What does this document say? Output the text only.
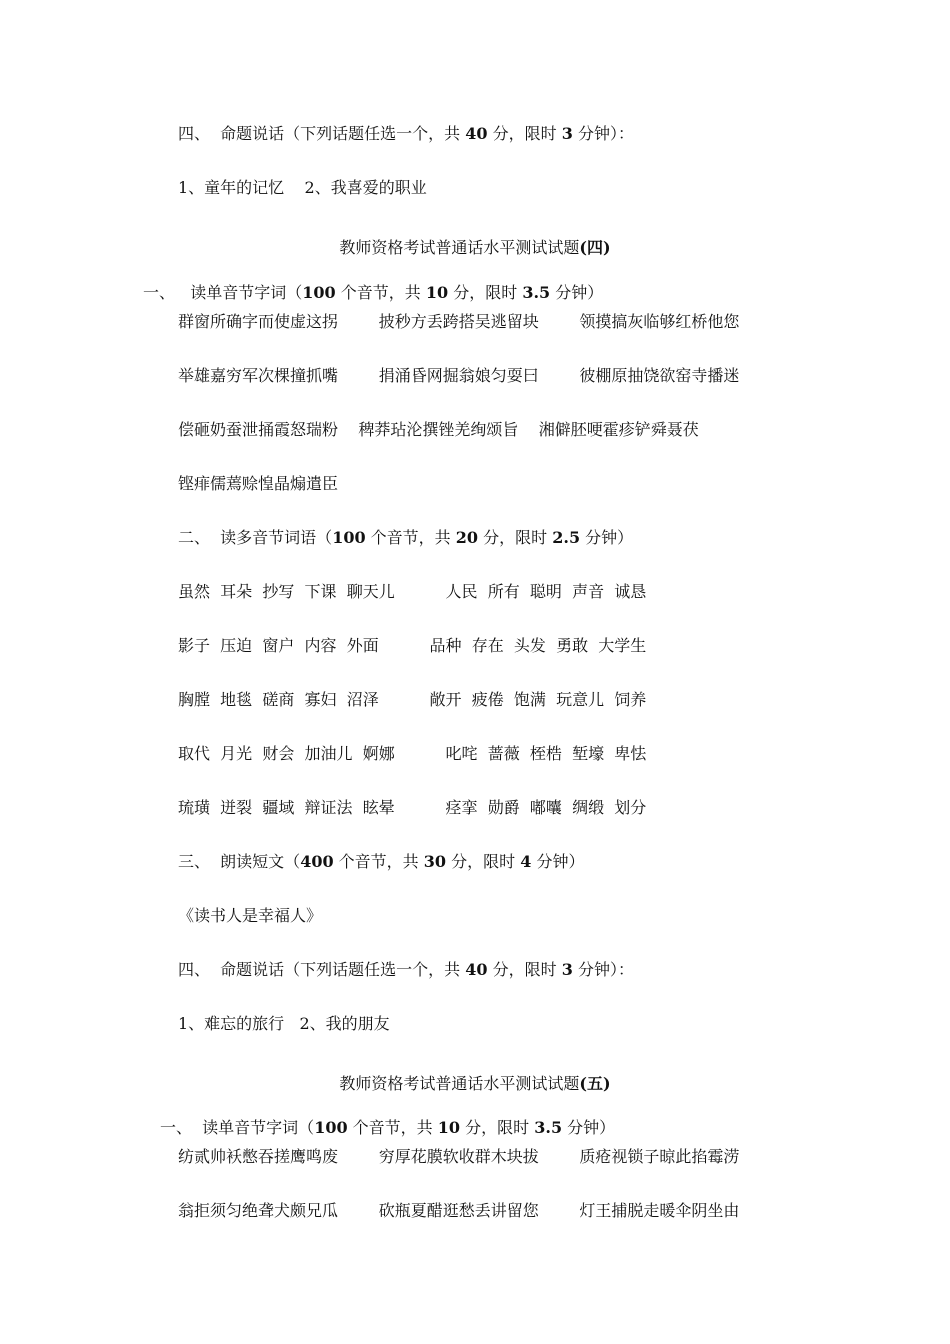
四、  命题说话（下列话题任选一个，共 40 分，限时 3 分钟）：
1、童年的记忆    2、我喜爱的职业
教师资格考试普通话水平测试试题(四)
一、   读单音节字词（100 个音节，共 10 分，限时 3.5 分钟）
群窗所确字而使虚这拐        披秒方丢跨搭吴逃留块        领摸搞灰临够红桥他您
举雄嘉穷军次棵撞抓嘴        捐涌昏网掘翁娘匀耍曰        彼棚原抽饶欲窑寺播迷
偿砸奶蚕泄捅霞怒瑞粉    稗莽玷沦撰锉羌绚颂旨    湘僻胚哽霍疹铲舜聂茯
铿痱儒蔫赊惶晶煽遣臣
二、  读多音节词语（100 个音节，共 20 分，限时 2.5 分钟）
虽然  耳朵  抄写  下课  聊天儿          人民  所有  聪明  声音  诚恳
影子  压迫  窗户  内容  外面          品种  存在  头发  勇敢  大学生
胸膛  地毯  磋商  寡妇  沼泽          敞开  疲倦  饱满  玩意儿  饲养
取代  月光  财会  加油儿  婀娜          叱咤  蔷薇  桎梏  堑壕  卑怯
琉璜  迸裂  疆域  辩证法  眩晕          痉挛  勋爵  嘟囔  绸缎  划分
三、  朗读短文（400 个音节，共 30 分，限时 4 分钟）
《读书人是幸福人》
四、  命题说话（下列话题任选一个，共 40 分，限时 3 分钟）：
1、难忘的旅行   2、我的朋友
教师资格考试普通话水平测试试题(五)
一、  读单音节字词（100 个音节，共 10 分，限时 3.5 分钟）
纺贰帅袄憋吞搓鹰鸣废        穷厚花膜软收群木块拔        质疮视锁子晾此掐霉涝
翁拒须匀绝聋犬颇兄瓜        砍瓶夏醋逛愁丢讲留您        灯王捕脱走暖伞阴坐由
